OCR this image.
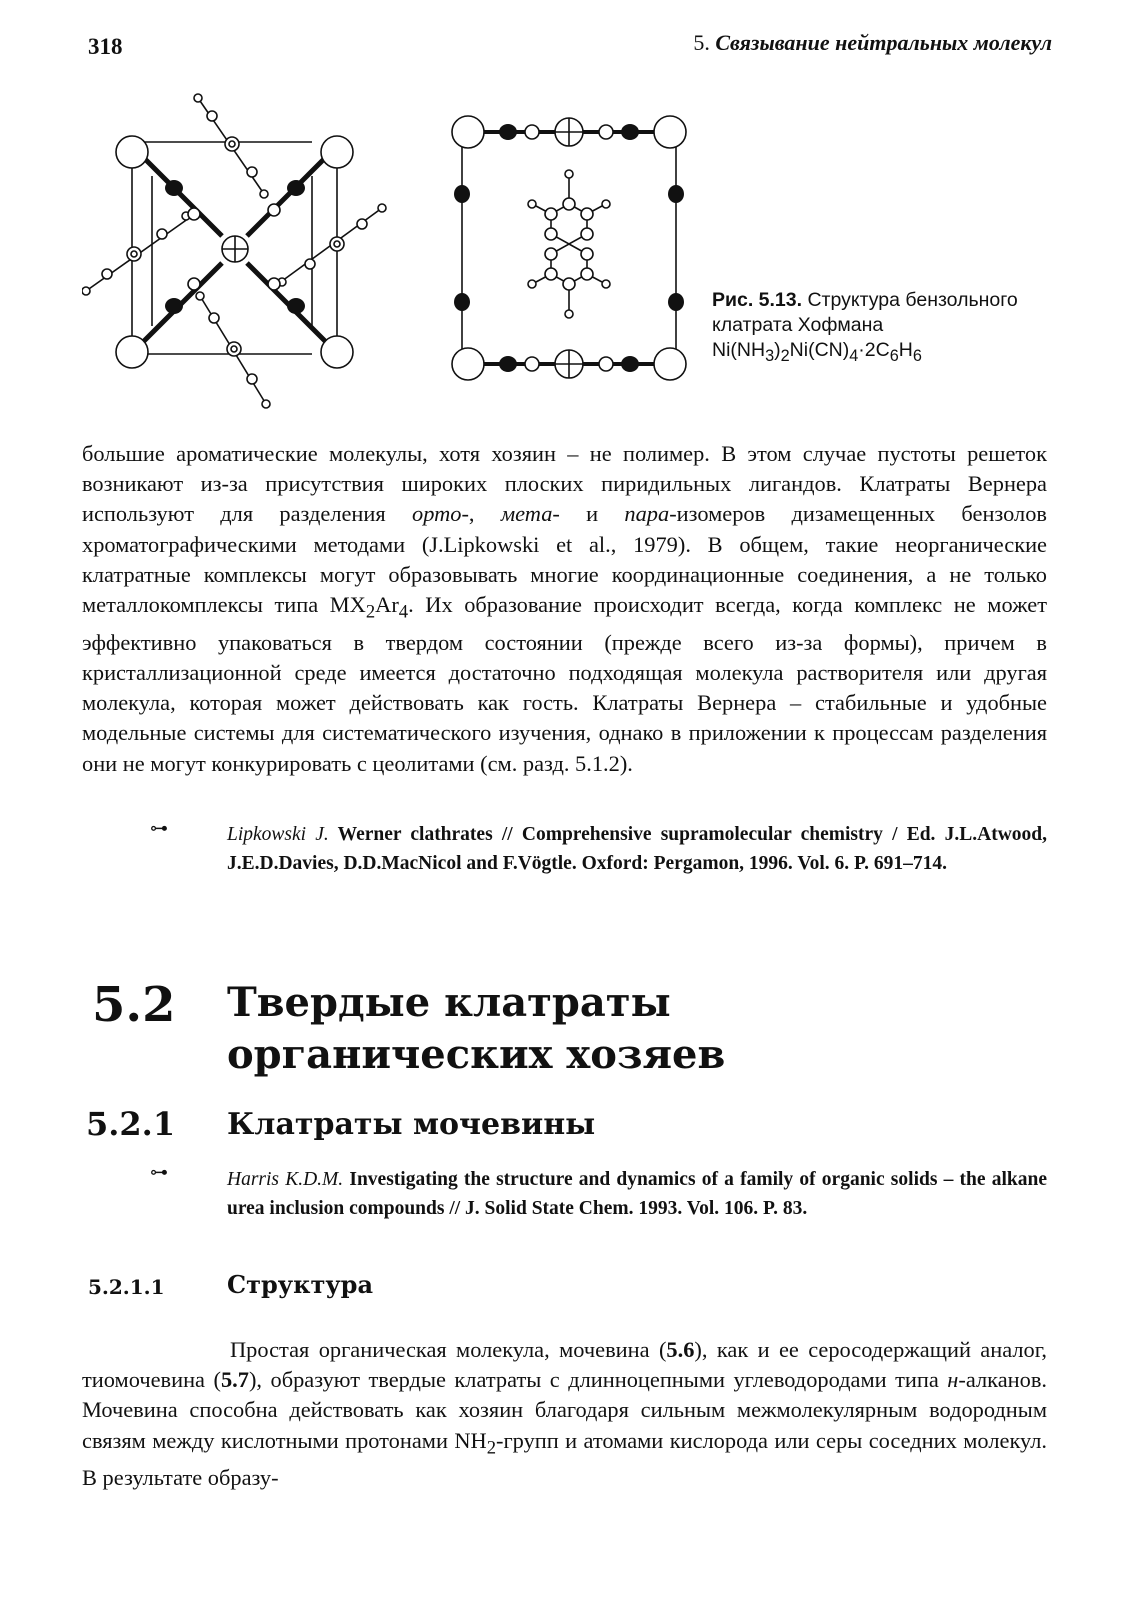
318	5. Связывание нейтральных молекул
Рис. 5.13. Структура бензольного клатрата Хофмана
$Ni(NH_3)_2Ni(CN)_4\cdot 2C_6H_6$
большие ароматические молекулы, хотя хозяин – не полимер. В этом случае пустоты решеток возникают из-за присутствия широких плоских пиридильных лигандов. Клатраты Вернера используют для разделения орто-, мета- и пара-изомеров дизамещенных бензолов хроматографическими методами (J.Lipkowski et al., 1979). В общем, такие неорганические клатратные комплексы могут образовывать многие координационные соединения, а не только металлокомплексы типа $MX_2Ar_4$. Их образование происходит всегда, когда комплекс не может эффективно упаковаться в твердом состоянии (прежде всего из-за формы), причем в кристаллизационной среде имеется достаточно подходящая молекула растворителя или другая молекула, которая может действовать как гость. Клатраты Вернера – стабильные и удобные модельные системы для систематического изучения, однако в приложении к процессам разделения они не могут конкурировать с цеолитами (см. разд. 5.1.2).
⊶	Lipkowski J. Werner clathrates // Comprehensive supramolecular chemistry / Ed. J.L.Atwood, J.E.D.Davies, D.D.MacNicol and F.Vögtle. Oxford: Pergamon, 1996. Vol. 6. P. 691–714.
5.2 Твердые клатраты
органических хозяев
5.2.1 Клатраты мочевины
⊶	Harris K.D.M. Investigating the structure and dynamics of a family of organic solids – the alkane urea inclusion compounds // J. Solid State Chem. 1993. Vol. 106. P. 83.
5.2.1.1	Структура
Простая органическая молекула, мочевина (5.6), как и ее серосодержащий аналог, тиомочевина (5.7), образуют твердые клатраты с длинноцепными углеводородами типа н-алканов. Мочевина способна действовать как хозяин благодаря сильным межмолекулярным водородным связям между кислотными протонами $NH_2$-групп и атомами кислорода или серы соседних молекул. В результате образу-
